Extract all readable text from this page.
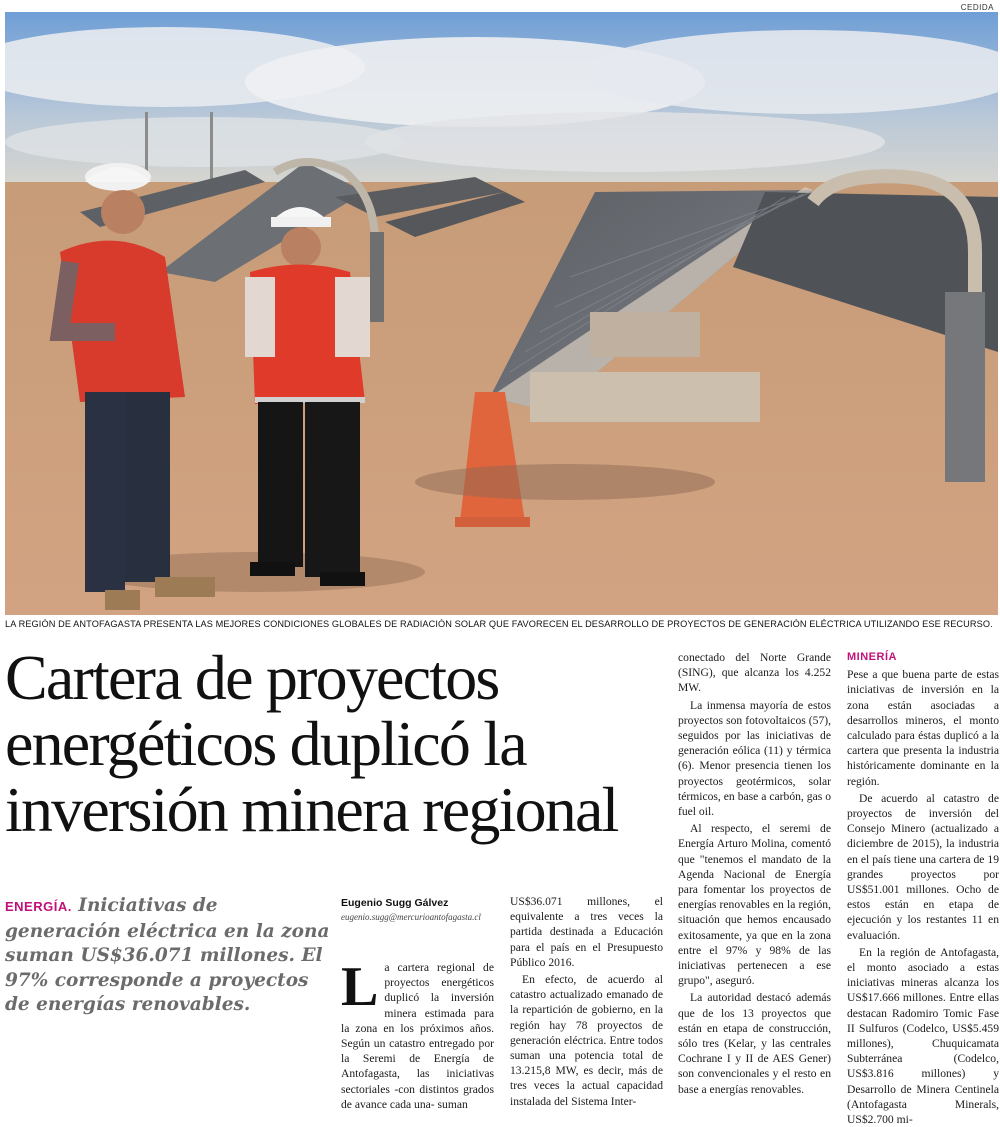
CEDIDA
LA REGIÓN DE ANTOFAGASTA PRESENTA LAS MEJORES CONDICIONES GLOBALES DE RADIACIÓN SOLAR QUE FAVORECEN EL DESARROLLO DE PROYECTOS DE GENERACIÓN ELÉCTRICA UTILIZANDO ESE RECURSO.
Cartera de proyectos energéticos duplicó la inversión minera regional

ENERGÍA. Iniciativas de generación eléctrica en la zona suman US$36.071 millones. El 97% corresponde a proyectos de energías renovables.

Eugenio Sugg Gálvez
eugenio.sugg@mercurioantofagasta.cl

La cartera regional de proyectos energéticos duplicó la inversión minera estimada para la zona en los próximos años. Según un catastro entregado por la Seremi de Energía de Antofagasta, las iniciativas sectoriales -con distintos grados de avance cada una- suman

US$36.071 millones, el equivalente a tres veces la partida destinada a Educación para el país en el Presupuesto Público 2016.

En efecto, de acuerdo al catastro actualizado emanado de la repartición de gobierno, en la región hay 78 proyectos de generación eléctrica. Entre todos suman una potencia total de 13.215,8 MW, es decir, más de tres veces la actual capacidad instalada del Sistema Inter-

conectado del Norte Grande (SING), que alcanza los 4.252 MW.

La inmensa mayoría de estos proyectos son fotovoltaicos (57), seguidos por las iniciativas de generación eólica (11) y térmica (6). Menor presencia tienen los proyectos geotérmicos, solar térmicos, en base a carbón, gas o fuel oil.

Al respecto, el seremi de Energía Arturo Molina, comentó que "tenemos el mandato de la Agenda Nacional de Energía para fomentar los proyectos de energías renovables en la región, situación que hemos encausado exitosamente, ya que en la zona entre el 97% y 98% de las iniciativas pertenecen a ese grupo", aseguró.

La autoridad destacó además que de los 13 proyectos que están en etapa de construcción, sólo tres (Kelar, y las centrales Cochrane I y II de AES Gener) son convencionales y el resto en base a energías renovables.

MINERÍA

Pese a que buena parte de estas iniciativas de inversión en la zona están asociadas a desarrollos mineros, el monto calculado para éstas duplicó a la cartera que presenta la industria históricamente dominante en la región.

De acuerdo al catastro de proyectos de inversión del Consejo Minero (actualizado a diciembre de 2015), la industria en el país tiene una cartera de 19 grandes proyectos por US$51.001 millones. Ocho de estos están en etapa de ejecución y los restantes 11 en evaluación.

En la región de Antofagasta, el monto asociado a estas iniciativas mineras alcanza los US$17.666 millones. Entre ellas destacan Radomiro Tomic Fase II Sulfuros (Codelco, US$5.459 millones), Chuquicamata Subterránea (Codelco, US$3.816 millones) y Desarrollo de Minera Centinela (Antofagasta Minerals, US$2.700 mi-
